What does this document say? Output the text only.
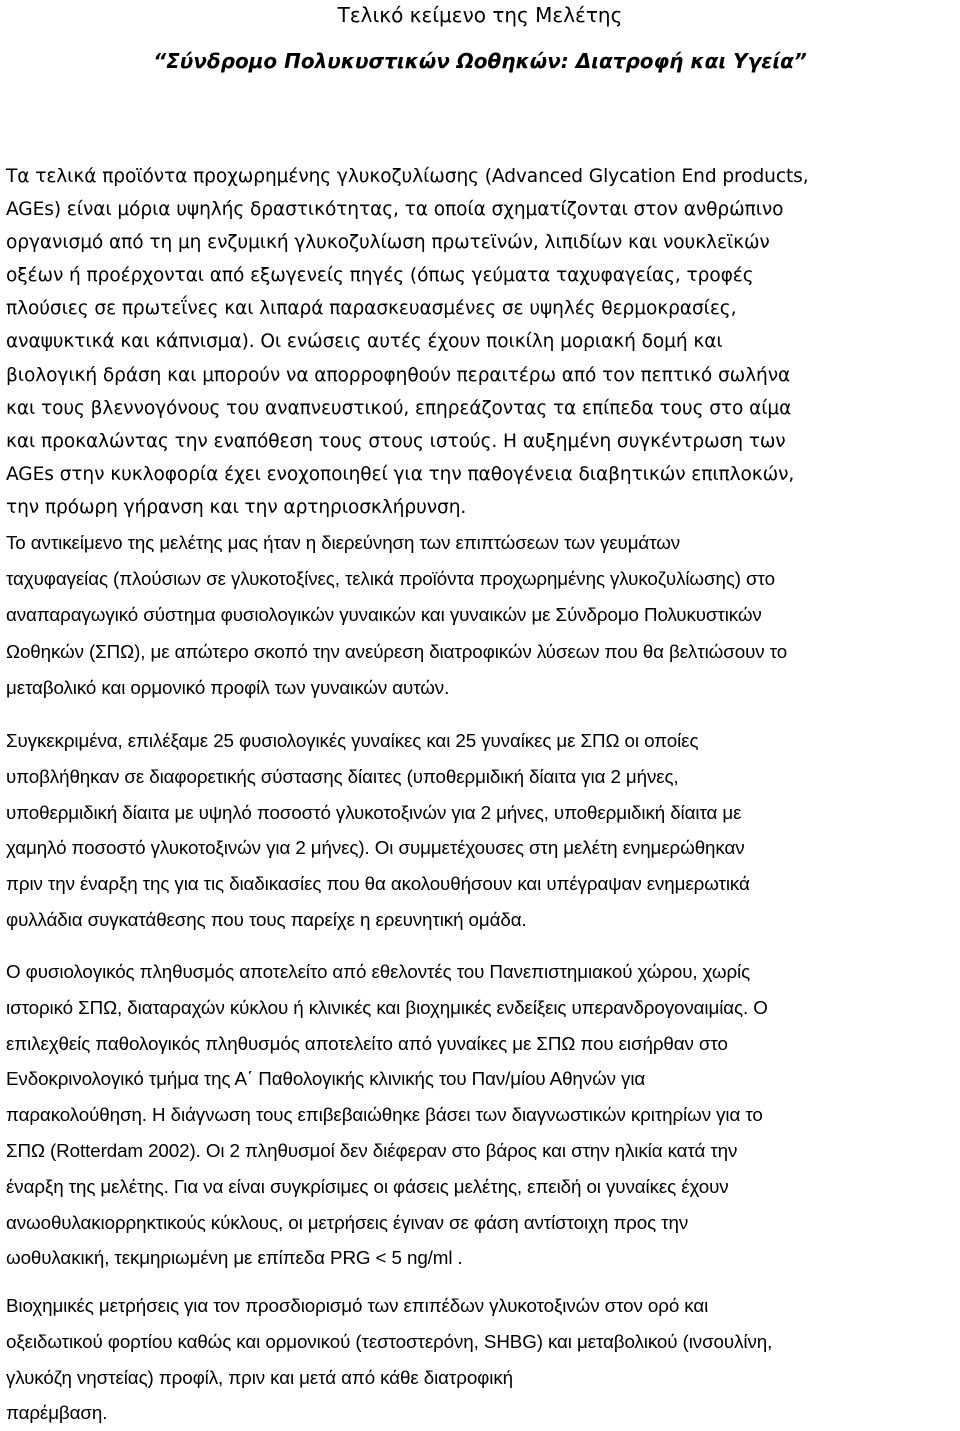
Τελικό κείμενο της Μελέτης
“Σύνδρομο Πολυκυστικών Ωοθηκών: Διατροφή και Υγεία”

Τα τελικά προϊόντα προχωρημένης γλυκοζυλίωσης (Advanced Glycation End products,
AGEs) είναι μόρια υψηλής δραστικότητας, τα οποία σχηματίζονται στον ανθρώπινο
οργανισμό από τη μη ενζυμική γλυκοζυλίωση πρωτεϊνών, λιπιδίων και νουκλεϊκών
οξέων ή προέρχονται από εξωγενείς πηγές (όπως γεύματα ταχυφαγείας, τροφές
πλούσιες σε πρωτεΐνες και λιπαρά παρασκευασμένες σε υψηλές θερμοκρασίες,
αναψυκτικά και κάπνισμα). Οι ενώσεις αυτές έχουν ποικίλη μοριακή δομή και
βιολογική δράση και μπορούν να απορροφηθούν περαιτέρω από τον πεπτικό σωλήνα
και τους βλεννογόνους του αναπνευστικού, επηρεάζοντας τα επίπεδα τους στο αίμα
και προκαλώντας την εναπόθεση τους στους ιστούς. Η αυξημένη συγκέντρωση των
AGEs στην κυκλοφορία έχει ενοχοποιηθεί για την παθογένεια διαβητικών επιπλοκών,
την πρόωρη γήρανση και την αρτηριοσκλήρυνση.

Το αντικείμενο της μελέτης μας ήταν η διερεύνηση των επιπτώσεων των γευμάτων
ταχυφαγείας (πλούσιων σε γλυκοτοξίνες, τελικά προϊόντα προχωρημένης γλυκοζυλίωσης) στο
αναπαραγωγικό σύστημα φυσιολογικών γυναικών και γυναικών με Σύνδρομο Πολυκυστικών
Ωοθηκών (ΣΠΩ), με απώτερο σκοπό την ανεύρεση διατροφικών λύσεων που θα βελτιώσουν το
μεταβολικό και ορμονικό προφίλ των γυναικών αυτών.

Συγκεκριμένα, επιλέξαμε 25 φυσιολογικές γυναίκες και 25 γυναίκες με ΣΠΩ οι οποίες
υποβλήθηκαν σε διαφορετικής σύστασης δίαιτες (υποθερμιδική δίαιτα για 2 μήνες,
υποθερμιδική δίαιτα με υψηλό ποσοστό γλυκοτοξινών για 2 μήνες, υποθερμιδική δίαιτα με
χαμηλό ποσοστό γλυκοτοξινών για 2 μήνες). Οι συμμετέχουσες στη μελέτη ενημερώθηκαν
πριν την έναρξη της για τις διαδικασίες που θα ακολουθήσουν και υπέγραψαν ενημερωτικά
φυλλάδια συγκατάθεσης που τους παρείχε η ερευνητική ομάδα.

Ο φυσιολογικός πληθυσμός αποτελείτο από εθελοντές του Πανεπιστημιακού χώρου, χωρίς
ιστορικό ΣΠΩ, διαταραχών κύκλου ή κλινικές και βιοχημικές ενδείξεις υπερανδρογοναιμίας. Ο
επιλεχθείς παθολογικός πληθυσμός αποτελείτο από γυναίκες με ΣΠΩ που εισήρθαν στο
Ενδοκρινολογικό τμήμα της Α΄ Παθολογικής κλινικής του Παν/μίου Αθηνών για
παρακολούθηση. Η διάγνωση τους επιβεβαιώθηκε βάσει των διαγνωστικών κριτηρίων για το
ΣΠΩ (Rotterdam 2002). Οι 2 πληθυσμοί δεν διέφεραν στο βάρος και στην ηλικία κατά την
έναρξη της μελέτης. Για να είναι συγκρίσιμες οι φάσεις μελέτης, επειδή οι γυναίκες έχουν
ανωοθυλακιορρηκτικούς κύκλους, οι μετρήσεις έγιναν σε φάση αντίστοιχη προς την
ωοθυλακική, τεκμηριωμένη με επίπεδα PRG < 5 ng/ml .

Βιοχημικές μετρήσεις για τον προσδιορισμό των επιπέδων γλυκοτοξινών στον ορό και
οξειδωτικού φορτίου καθώς και ορμονικού (τεστοστερόνη, SHBG) και μεταβολικού (ινσουλίνη,
γλυκόζη νηστείας) προφίλ, πριν και μετά από κάθε διατροφική
παρέμβαση.
